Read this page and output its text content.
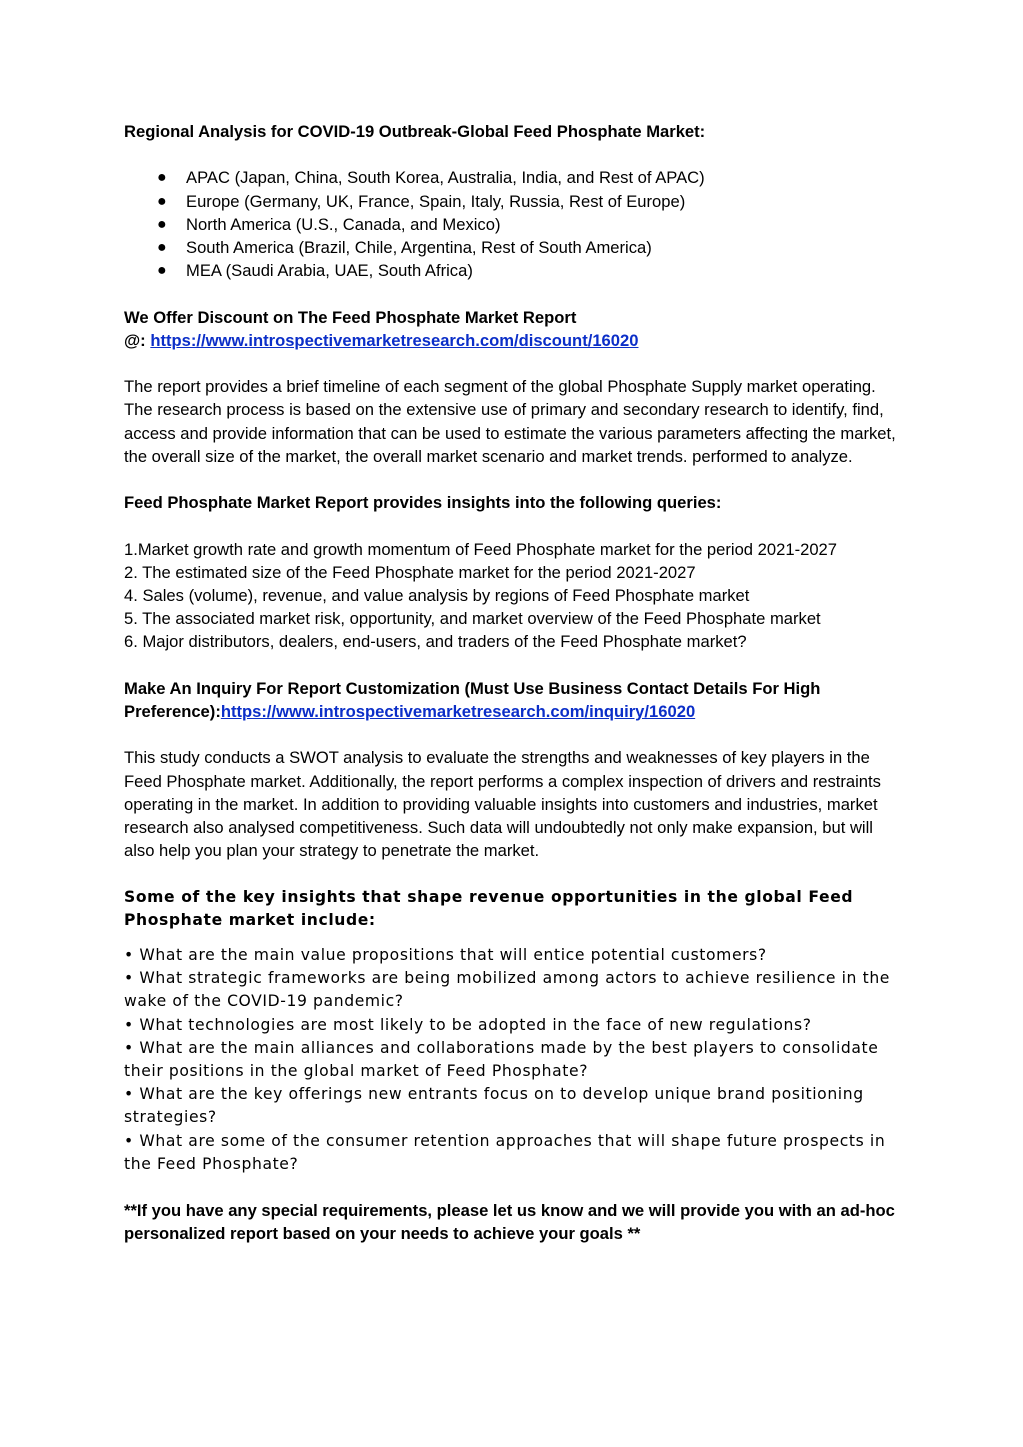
Regional Analysis for COVID-19 Outbreak-Global Feed Phosphate Market:

● APAC (Japan, China, South Korea, Australia, India, and Rest of APAC)
● Europe (Germany, UK, France, Spain, Italy, Russia, Rest of Europe)
● North America (U.S., Canada, and Mexico)
● South America (Brazil, Chile, Argentina, Rest of South America)
● MEA (Saudi Arabia, UAE, South Africa)

We Offer Discount on The Feed Phosphate Market Report

@: https://www.introspectivemarketresearch.com/discount/16020

The report provides a brief timeline of each segment of the global Phosphate Supply market operating. The research process is based on the extensive use of primary and secondary research to identify, find, access and provide information that can be used to estimate the various parameters affecting the market, the overall size of the market, the overall market scenario and market trends. performed to analyze.

Feed Phosphate Market Report provides insights into the following queries:

1.Market growth rate and growth momentum of Feed Phosphate market for the period 2021-2027
2. The estimated size of the Feed Phosphate market for the period 2021-2027
4. Sales (volume), revenue, and value analysis by regions of Feed Phosphate market
5. The associated market risk, opportunity, and market overview of the Feed Phosphate market
6. Major distributors, dealers, end-users, and traders of the Feed Phosphate market?

Make An Inquiry For Report Customization (Must Use Business Contact Details For High Preference):https://www.introspectivemarketresearch.com/inquiry/16020

This study conducts a SWOT analysis to evaluate the strengths and weaknesses of key players in the Feed Phosphate market. Additionally, the report performs a complex inspection of drivers and restraints operating in the market. In addition to providing valuable insights into customers and industries, market research also analysed competitiveness. Such data will undoubtedly not only make expansion, but will also help you plan your strategy to penetrate the market.

Some of the key insights that shape revenue opportunities in the global Feed Phosphate market include:

• What are the main value propositions that will entice potential customers?
• What strategic frameworks are being mobilized among actors to achieve resilience in the wake of the COVID-19 pandemic?
• What technologies are most likely to be adopted in the face of new regulations?
• What are the main alliances and collaborations made by the best players to consolidate their positions in the global market of Feed Phosphate?
• What are the key offerings new entrants focus on to develop unique brand positioning strategies?
• What are some of the consumer retention approaches that will shape future prospects in the Feed Phosphate?

**If you have any special requirements, please let us know and we will provide you with an ad-hoc personalized report based on your needs to achieve your goals **
